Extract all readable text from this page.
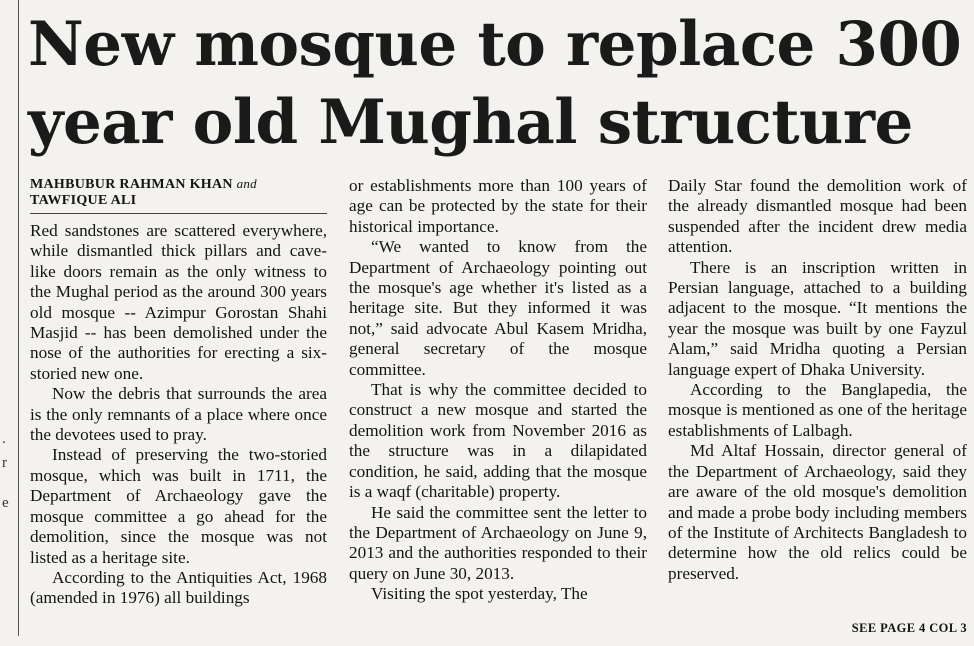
.
r
e
New mosque to replace 300 year old Mughal structure
MAHBUBUR RAHMAN KHAN and
TAWFIQUE ALI

Red sandstones are scattered everywhere, while dismantled thick pillars and cave-like doors remain as the only witness to the Mughal period as the around 300 years old mosque -- Azimpur Gorostan Shahi Masjid -- has been demolished under the nose of the authorities for erecting a six-storied new one.

Now the debris that surrounds the area is the only remnants of a place where once the devotees used to pray.

Instead of preserving the two-storied mosque, which was built in 1711, the Department of Archaeology gave the mosque committee a go ahead for the demolition, since the mosque was not listed as a heritage site.

According to the Antiquities Act, 1968 (amended in 1976) all buildings

or establishments more than 100 years of age can be protected by the state for their historical importance.

“We wanted to know from the Department of Archaeology pointing out the mosque's age whether it's listed as a heritage site. But they informed it was not,” said advocate Abul Kasem Mridha, general secretary of the mosque committee.

That is why the committee decided to construct a new mosque and started the demolition work from November 2016 as the structure was in a dilapidated condition, he said, adding that the mosque is a waqf (charitable) property.

He said the committee sent the letter to the Department of Archaeology on June 9, 2013 and the authorities responded to their query on June 30, 2013.

Visiting the spot yesterday, The

Daily Star found the demolition work of the already dismantled mosque had been suspended after the incident drew media attention.

There is an inscription written in Persian language, attached to a building adjacent to the mosque. “It mentions the year the mosque was built by one Fayzul Alam,” said Mridha quoting a Persian language expert of Dhaka University.

According to the Banglapedia, the mosque is mentioned as one of the heritage establishments of Lalbagh.

Md Altaf Hossain, director general of the Department of Archaeology, said they are aware of the old mosque's demolition and made a probe body including members of the Institute of Architects Bangladesh to determine how the old relics could be preserved.

SEE PAGE 4 COL 3
